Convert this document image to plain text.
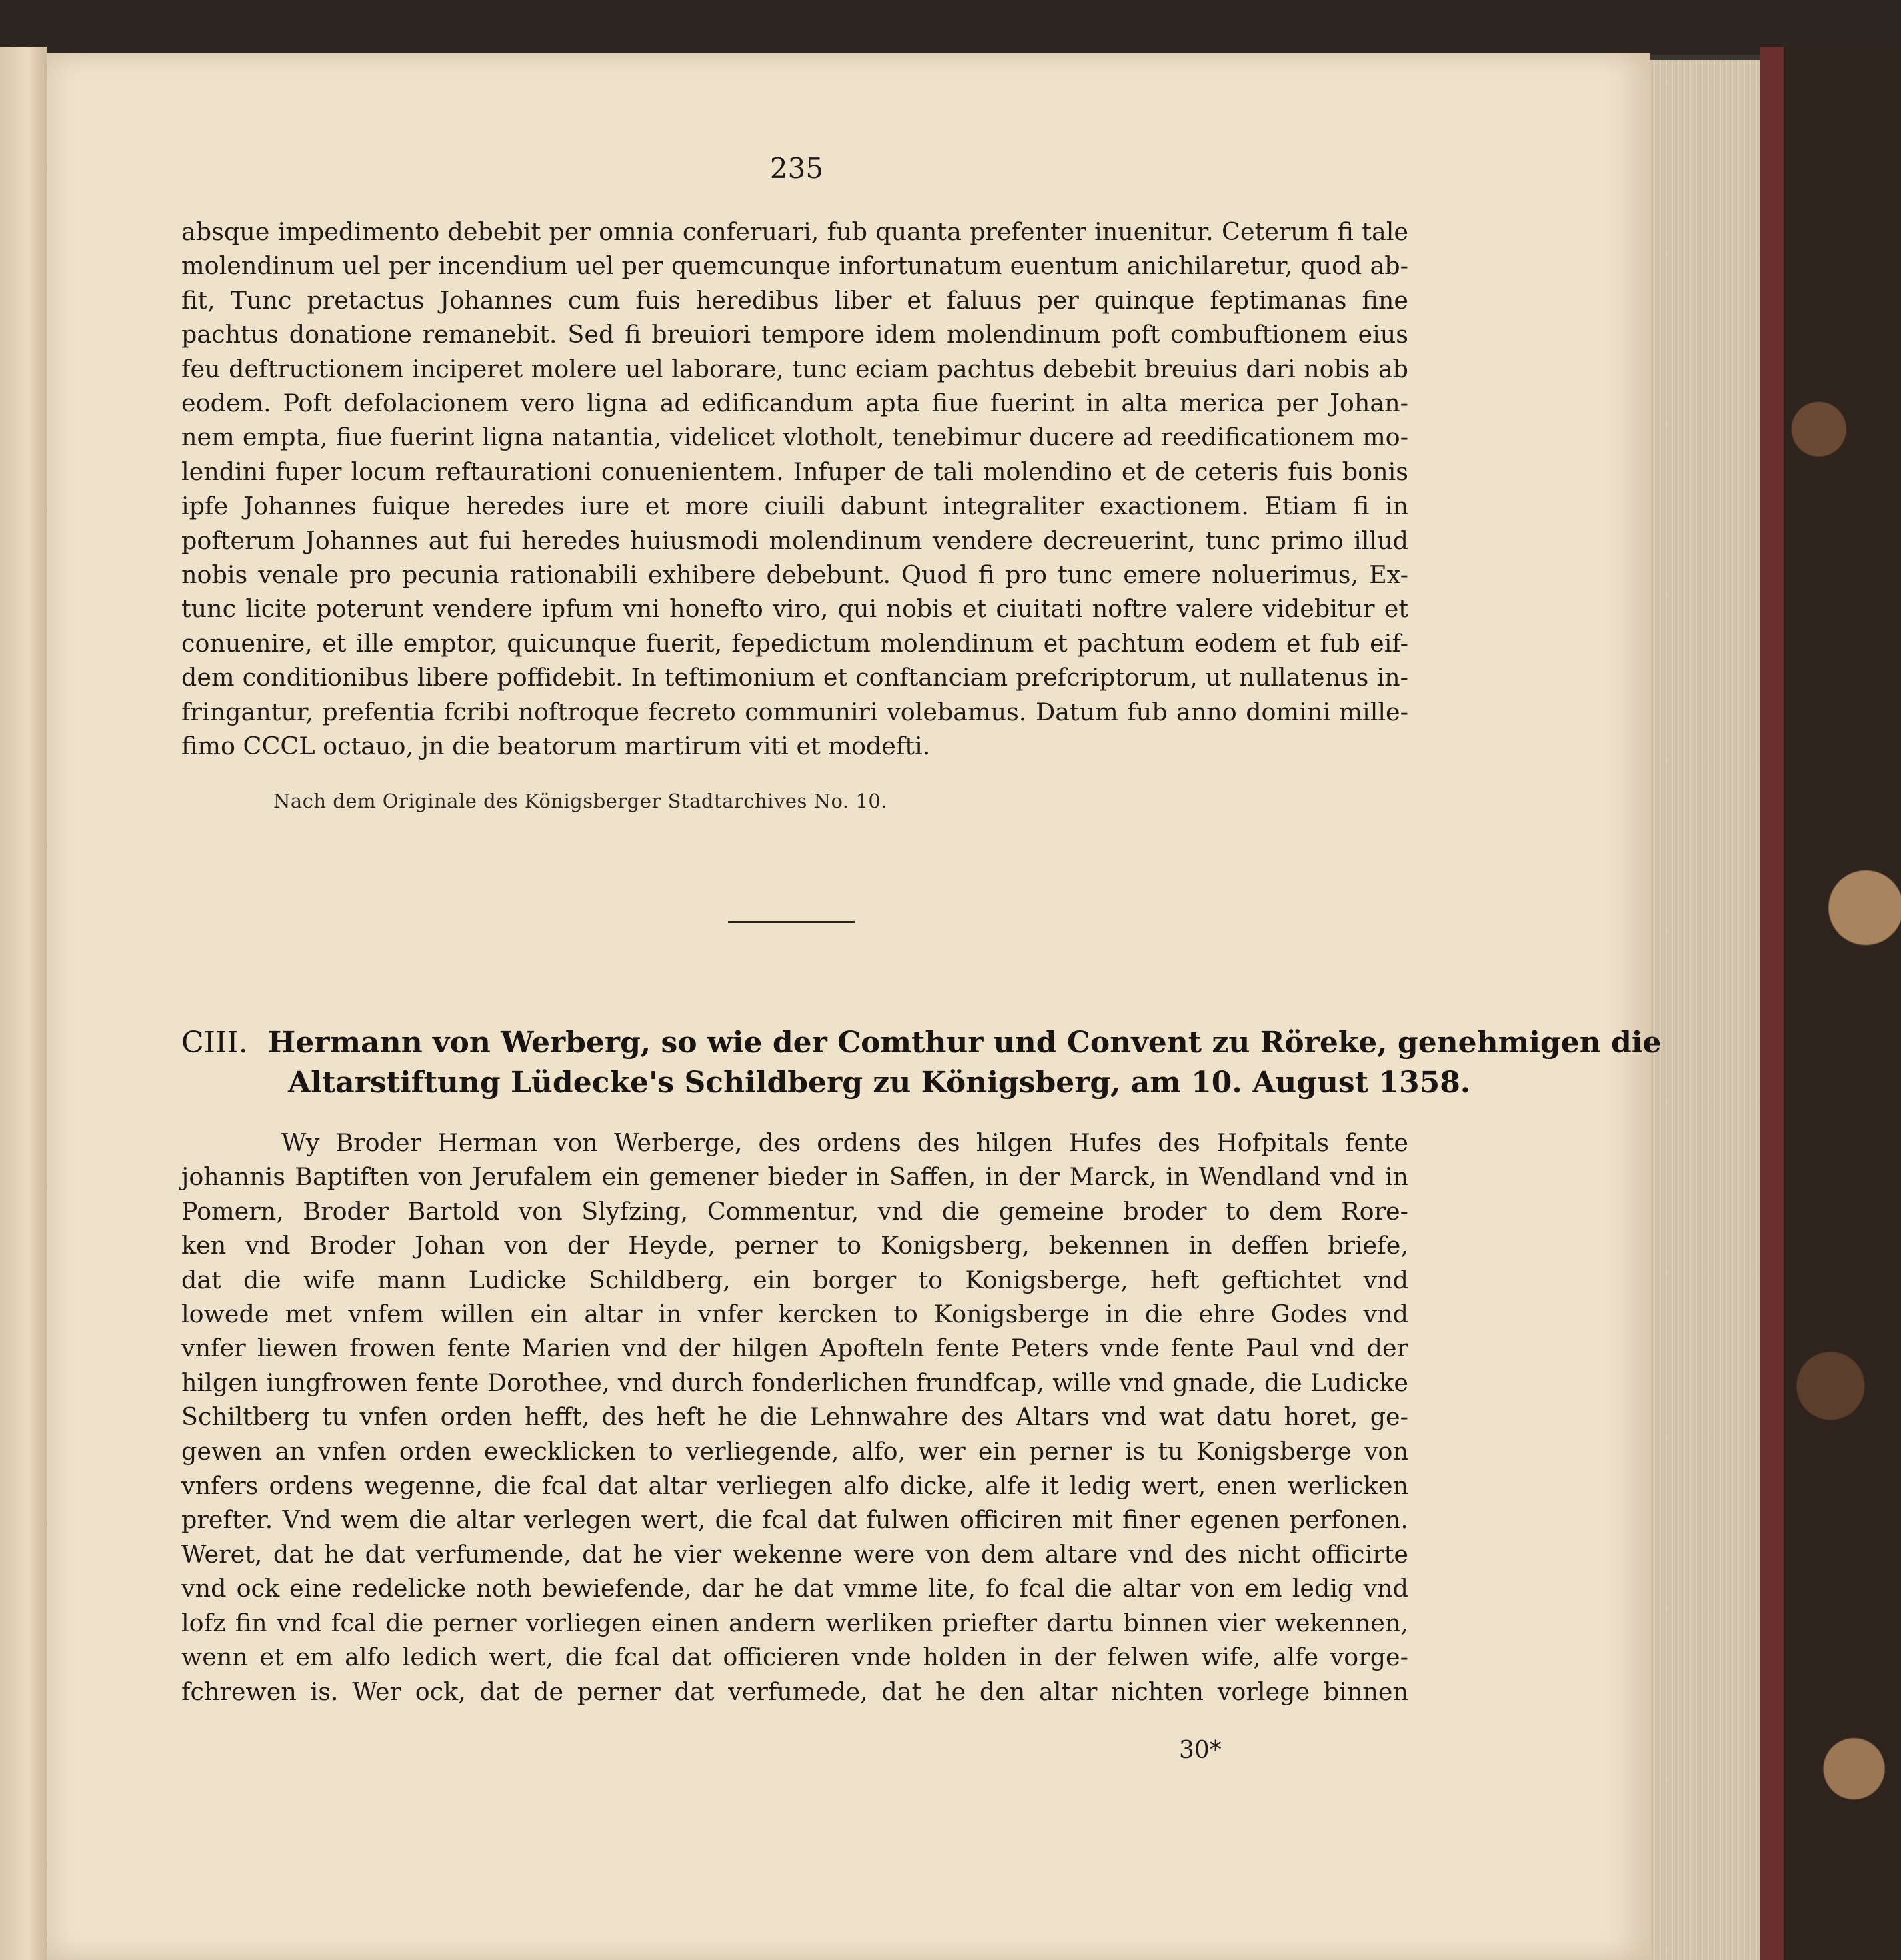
235
absque impedimento debebit per omnia conferuari, fub quanta prefenter inuenitur. Ceterum fi tale
molendinum uel per incendium uel per quemcunque infortunatum euentum anichilaretur, quod ab-
fit, Tunc pretactus Johannes cum fuis heredibus liber et faluus per quinque feptimanas fine
pachtus donatione remanebit. Sed fi breuiori tempore idem molendinum poft combuftionem eius
feu deftructionem inciperet molere uel laborare, tunc eciam pachtus debebit breuius dari nobis ab
eodem. Poft defolacionem vero ligna ad edificandum apta fiue fuerint in alta merica per Johan-
nem empta, fiue fuerint ligna natantia, videlicet vlotholt, tenebimur ducere ad reedificationem mo-
lendini fuper locum reftaurationi conuenientem. Infuper de tali molendino et de ceteris fuis bonis
ipfe Johannes fuique heredes iure et more ciuili dabunt integraliter exactionem. Etiam fi in
pofterum Johannes aut fui heredes huiusmodi molendinum vendere decreuerint, tunc primo illud
nobis venale pro pecunia rationabili exhibere debebunt. Quod fi pro tunc emere noluerimus, Ex-
tunc licite poterunt vendere ipfum vni honefto viro, qui nobis et ciuitati noftre valere videbitur et
conuenire, et ille emptor, quicunque fuerit, fepedictum molendinum et pachtum eodem et fub eif-
dem conditionibus libere poffidebit. In teftimonium et conftanciam prefcriptorum, ut nullatenus in-
fringantur, prefentia fcribi noftroque fecreto communiri volebamus. Datum fub anno domini mille-
fimo CCCL octauo, jn die beatorum martirum viti et modefti.
Nach dem Originale des Königsberger Stadtarchives No. 10.
CIII. Hermann von Werberg, so wie der Comthur und Convent zu Röreke, genehmigen die
Altarstiftung Lüdecke's Schildberg zu Königsberg, am 10. August 1358.
Wy Broder Herman von Werberge, des ordens des hilgen Hufes des Hofpitals fente
johannis Baptiften von Jerufalem ein gemener bieder in Saffen, in der Marck, in Wendland vnd in
Pomern, Broder Bartold von Slyfzing, Commentur, vnd die gemeine broder to dem Rore-
ken vnd Broder Johan von der Heyde, perner to Konigsberg, bekennen in deffen briefe,
dat die wife mann Ludicke Schildberg, ein borger to Konigsberge, heft geftichtet vnd
lowede met vnfem willen ein altar in vnfer kercken to Konigsberge in die ehre Godes vnd
vnfer liewen frowen fente Marien vnd der hilgen Apofteln fente Peters vnde fente Paul vnd der
hilgen iungfrowen fente Dorothee, vnd durch fonderlichen frundfcap, wille vnd gnade, die Ludicke
Schiltberg tu vnfen orden hefft, des heft he die Lehnwahre des Altars vnd wat datu horet, ge-
gewen an vnfen orden ewecklicken to verliegende, alfo, wer ein perner is tu Konigsberge von
vnfers ordens wegenne, die fcal dat altar verliegen alfo dicke, alfe it ledig wert, enen werlicken
prefter. Vnd wem die altar verlegen wert, die fcal dat fulwen officiren mit finer egenen perfonen.
Weret, dat he dat verfumende, dat he vier wekenne were von dem altare vnd des nicht officirte
vnd ock eine redelicke noth bewiefende, dar he dat vmme lite, fo fcal die altar von em ledig vnd
lofz fin vnd fcal die perner vorliegen einen andern werliken priefter dartu binnen vier wekennen,
wenn et em alfo ledich wert, die fcal dat officieren vnde holden in der felwen wife, alfe vorge-
fchrewen is. Wer ock, dat de perner dat verfumede, dat he den altar nichten vorlege binnen
30*
